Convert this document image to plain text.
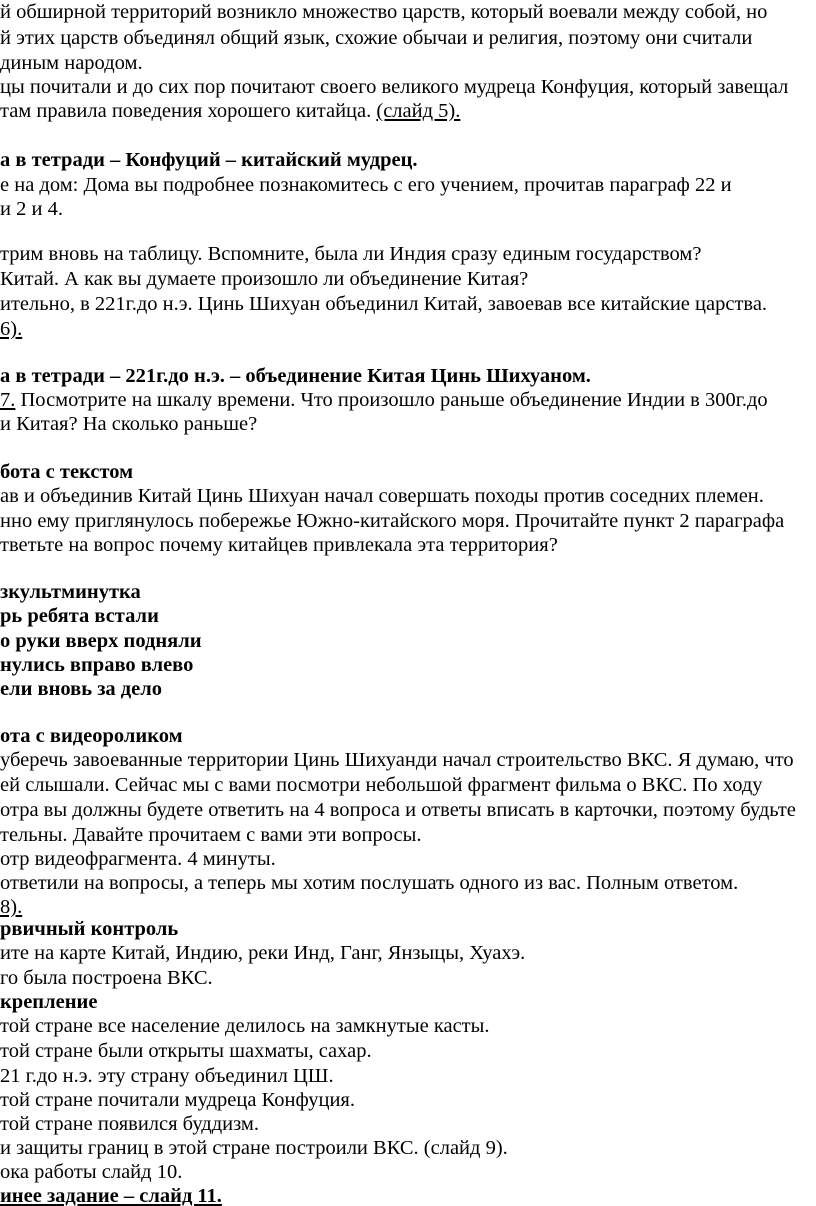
й обширной территорий возникло множество царств, который воевали между собой, но
й этих царств объединял общий язык, схожие обычаи и религия, поэтому они считали
диным народом.
цы почитали и до сих пор почитают своего великого мудреца Конфуция, который завещал
там правила поведения хорошего китайца. (слайд 5).
а в тетради – Конфуций – китайский мудрец.
е на дом: Дома вы подробнее познакомитесь с его учением, прочитав параграф 22 и
и 2 и 4.
трим вновь на таблицу. Вспомните, была ли Индия сразу единым государством?
Китай. А как вы думаете произошло ли объединение Китая?
ительно, в 221г.до н.э. Цинь Шихуан объединил Китай, завоевав все китайские царства.
6).
а в тетради – 221г.до н.э. – объединение Китая Цинь Шихуаном.
7. Посмотрите на шкалу времени. Что произошло раньше объединение Индии в 300г.до
и Китая? На сколько раньше?
бота с текстом
ав и объединив Китай Цинь Шихуан начал совершать походы против соседних племен.
нно ему приглянулось побережье Южно-китайского моря. Прочитайте пункт 2 параграфа
тветьте на вопрос почему китайцев привлекала эта территория?
зкультминутка
рь ребята встали
о руки вверх подняли
нулись вправо влево
ели вновь за дело
ота с видеороликом
уберечь завоеванные территории Цинь Шихуанди начал строительство ВКС. Я думаю, что
ей слышали. Сейчас мы с вами посмотри небольшой фрагмент фильма о ВКС. По ходу
отра вы должны будете ответить на 4 вопроса и ответы вписать в карточки, поэтому будьте
тельны. Давайте прочитаем с вами эти вопросы.
отр видеофрагмента. 4 минуты.
ответили на вопросы, а теперь мы хотим послушать одного из вас. Полным ответом.
8).
рвичный контроль
ите на карте Китай, Индию, реки Инд, Ганг, Янзыцы, Хуахэ.
го была построена ВКС.
крепление
той стране все население делилось на замкнутые касты.
той стране были открыты шахматы, сахар.
21 г.до н.э. эту страну объединил ЦШ.
той стране почитали мудреца Конфуция.
той стране появился буддизм.
и защиты границ в этой стране построили ВКС. (слайд 9).
ока работы слайд 10.
инее задание – слайд 11.
